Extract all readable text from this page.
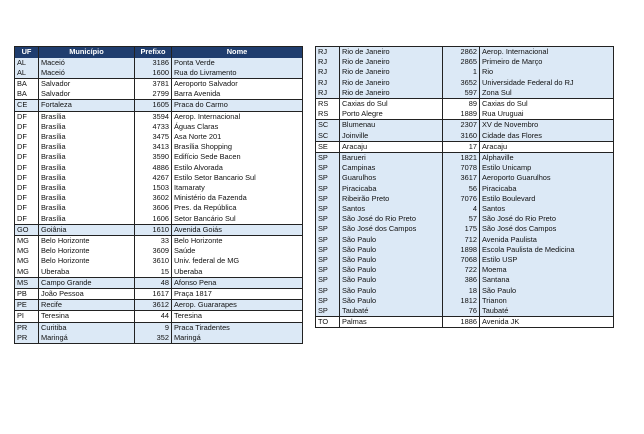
UF	Município	Prefixo	Nome
AL	Maceió	3186	Ponta Verde
AL	Maceió	1600	Rua do Livramento
BA	Salvador	3781	Aeroporto Salvador
BA	Salvador	2799	Barra Avenida
CE	Fortaleza	1605	Praca do Carmo
DF	Brasília	3594	Aerop. Internacional
DF	Brasília	4733	Águas Claras
DF	Brasília	3475	Asa Norte 201
DF	Brasília	3413	Brasília Shopping
DF	Brasília	3590	Edifício Sede Bacen
DF	Brasília	4886	Estilo Alvorada
DF	Brasília	4267	Estilo Setor Bancario Sul
DF	Brasília	1503	Itamaraty
DF	Brasília	3602	Ministério da Fazenda
DF	Brasília	3606	Pres. da República
DF	Brasília	1606	Setor Bancário Sul
GO	Goiânia	1610	Avenida Goiás
MG	Belo Horizonte	33	Belo Horizonte
MG	Belo Horizonte	3609	Saúde
MG	Belo Horizonte	3610	Univ. federal de MG
MG	Uberaba	15	Uberaba
MS	Campo Grande	48	Afonso Pena
PB	João Pessoa	1617	Praça 1817
PE	Recife	3612	Aerop. Guararapes
PI	Teresina	44	Teresina
PR	Curitiba	9	Praca Tiradentes
PR	Maringá	352	Maringá
RJ	Rio de Janeiro	2862	Aerop. Internacional
RJ	Rio de Janeiro	2865	Primeiro de Março
RJ	Rio de Janeiro	1	Rio
RJ	Rio de Janeiro	3652	Universidade Federal do RJ
RJ	Rio de Janeiro	597	Zona Sul
RS	Caxias do Sul	89	Caxias do Sul
RS	Porto Alegre	1889	Rua Uruguai
SC	Blumenau	2307	XV de Novembro
SC	Joinville	3160	Cidade das Flores
SE	Aracaju	17	Aracaju
SP	Barueri	1821	Alphaville
SP	Campinas	7078	Estilo Unicamp
SP	Guarulhos	3617	Aeroporto Guarulhos
SP	Piracicaba	56	Piracicaba
SP	Ribeirão Preto	7076	Estilo Boulevard
SP	Santos	4	Santos
SP	São José do Rio Preto	57	São José do Rio Preto
SP	São José dos Campos	175	São José dos Campos
SP	São Paulo	712	Avenida Paulista
SP	São Paulo	1898	Escola Paulista de Medicina
SP	São Paulo	7068	Estilo USP
SP	São Paulo	722	Moema
SP	São Paulo	386	Santana
SP	São Paulo	18	São Paulo
SP	São Paulo	1812	Trianon
SP	Taubaté	76	Taubaté
TO	Palmas	1886	Avenida JK
